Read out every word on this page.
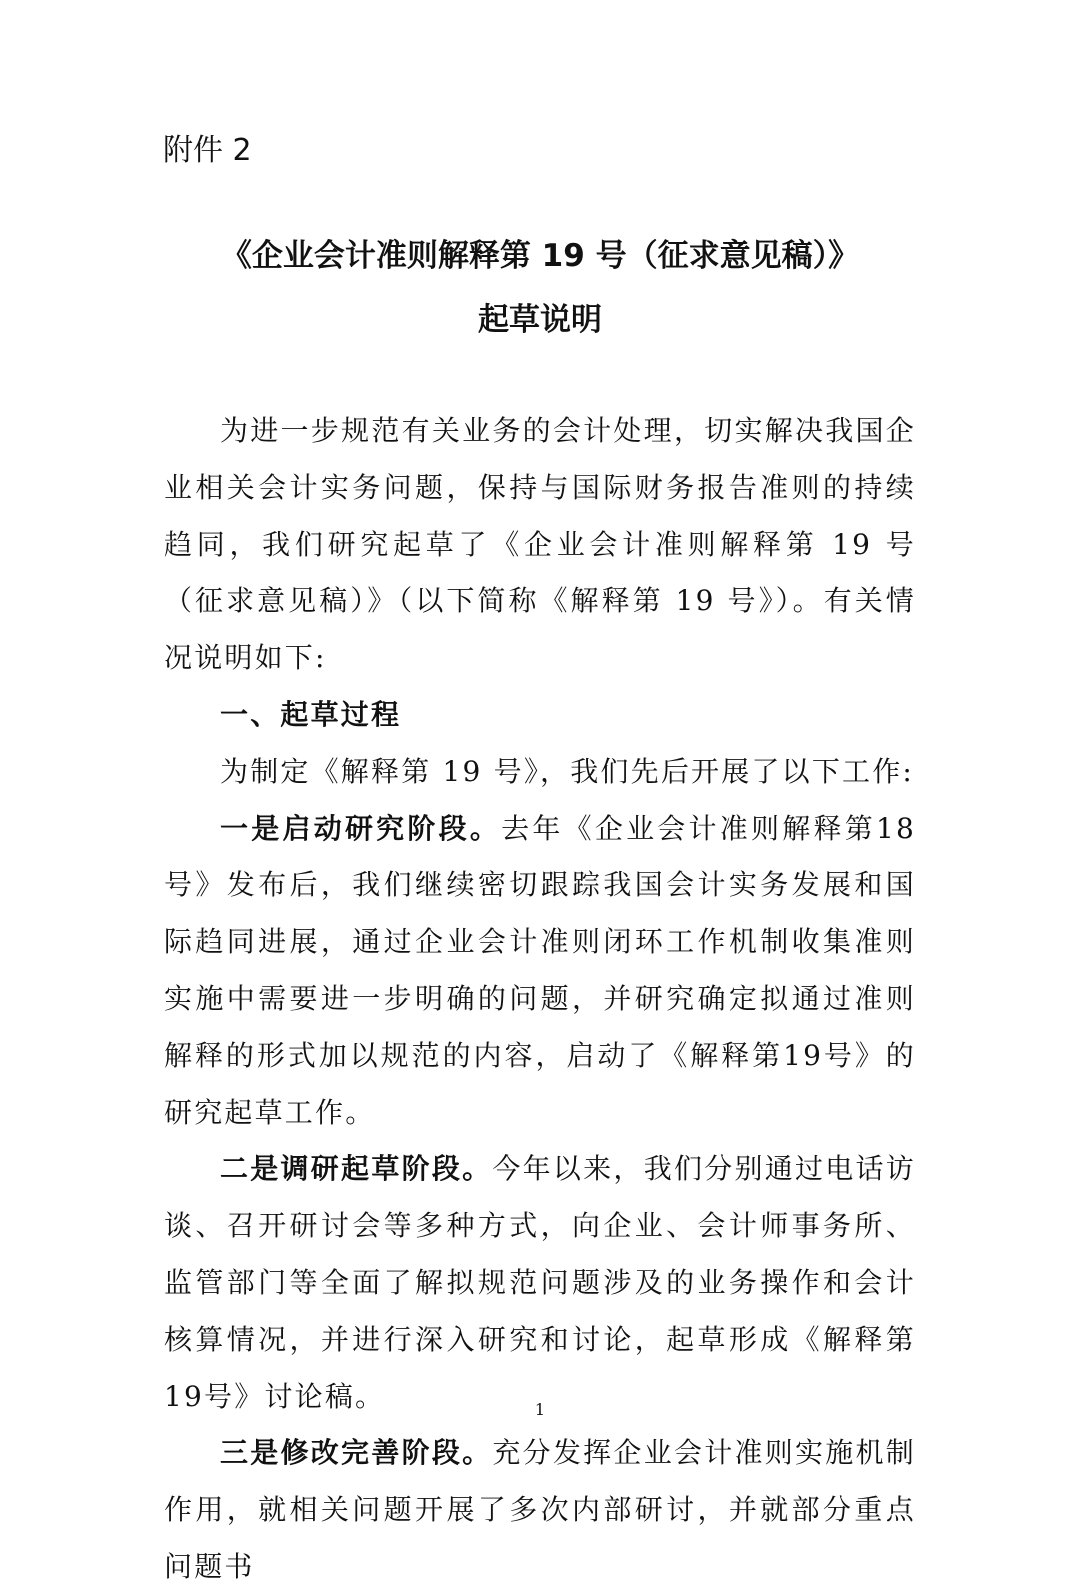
附件 2
《企业会计准则解释第 19 号（征求意见稿）》
起草说明

为进一步规范有关业务的会计处理，切实解决我国企业相关会计实务问题，保持与国际财务报告准则的持续趋同，我们研究起草了《企业会计准则解释第 19 号（征求意见稿）》（以下简称《解释第 19 号》）。有关情况说明如下:

一、起草过程

为制定《解释第 19 号》，我们先后开展了以下工作:

一是启动研究阶段。去年《企业会计准则解释第18号》发布后，我们继续密切跟踪我国会计实务发展和国际趋同进展，通过企业会计准则闭环工作机制收集准则实施中需要进一步明确的问题，并研究确定拟通过准则解释的形式加以规范的内容，启动了《解释第19号》的研究起草工作。

二是调研起草阶段。今年以来，我们分别通过电话访谈、召开研讨会等多种方式，向企业、会计师事务所、监管部门等全面了解拟规范问题涉及的业务操作和会计核算情况，并进行深入研究和讨论，起草形成《解释第19号》讨论稿。

三是修改完善阶段。充分发挥企业会计准则实施机制作用，就相关问题开展了多次内部研讨，并就部分重点问题书

1
